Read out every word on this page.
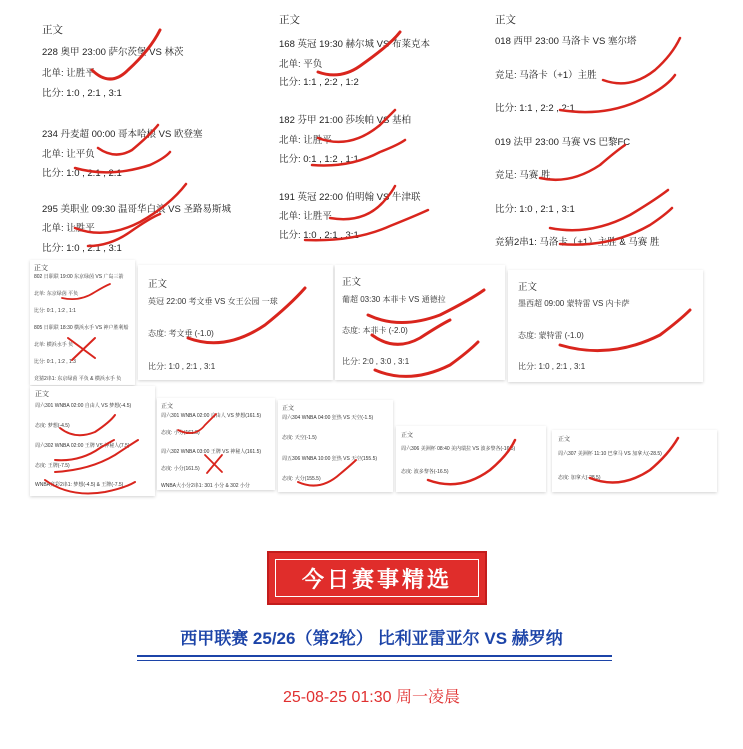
正文
228 奥甲 23:00 萨尔茨堡 VS 林茨
北单: 让胜平
比分: 1:0 , 2:1 , 3:1
234 丹麦超 00:00 哥本哈根 VS 欧登塞
北单: 让平负
比分: 1:0 , 2:1 , 2:1
295 美职业 09:30 温哥华白浪 VS 圣路易斯城
北单: 让胜平
比分: 1:0 , 2:1 , 3:1
正文
168 英冠 19:30 赫尔城 VS 布莱克本
北单: 平负
比分: 1:1 , 2:2 , 1:2
182 芬甲 21:00 莎埃帕 VS 基柏
北单: 让胜平
比分: 0:1 , 1:2 , 1:1
191 英冠 22:00 伯明翰 VS 牛津联
北单: 让胜平
比分: 1:0 , 2:1 , 3:1
正文
018 西甲 23:00 马洛卡 VS 塞尔塔
竞足: 马洛卡（+1）主胜
比分: 1:1 , 2:2 , 2:1
019 法甲 23:00 马赛 VS 巴黎FC
竞足: 马赛 胜
比分: 1:0 , 2:1 , 3:1
竞猜2串1: 马洛卡（+1）主胜 & 马赛 胜
正文
802 日职联 19:00 东京绿茵 VS 广岛三箭
北单: 东京绿茵 平负
比分: 0:1 , 1:2 , 1:1
805 日职联 18:30 横浜水手 VS 神户胜利船
北单: 横浜水手 负
比分: 0:1 , 1:2 , 1:3
竞猜2串1: 东京绿茵 平负 & 横浜水手 负
正文
英冠 22:00 考文垂 VS 女王公园 一球
态度: 考文垂 (-1.0)
比分: 1:0 , 2:1 , 3:1
正文
葡超 03:30 本菲卡 VS 通德拉
态度: 本菲卡 (-2.0)
比分: 2:0 , 3:0 , 3:1
正文
墨西超 09:00 蒙特雷 VS 内卡萨
态度: 蒙特雷 (-1.0)
比分: 1:0 , 2:1 , 3:1
正文
周六301 WNBA 02:00 自由人 VS 梦想(-4.5)
态度: 梦想(-4.5)
周六302 WNBA 02:00 王牌 VS 神秘人(7.5)
态度: 王牌(-7.5)
WNBA竞彩2串1: 梦想(-4.5) & 王牌(-7.5)
正文
周六301 WNBA 02:00 自由人 VS 梦想(161.5)
态度: 小分(161.5)
周六302 WNBA 03:00 王牌 VS 神秘人(161.5)
态度: 小分(161.5)
WNBA大小分2串1: 301 小分 & 302 小分
正文
周六304 WNBA 04:00 狂热 VS 天空(-1.5)
态度: 天空(-1.5)
周五306 WNBA 10:00 狂热 VS 天空(155.5)
态度: 大分(155.5)
正文
周六306 美洲杯 08:40 美内瑞拉 VS 波多黎各(-16.5)
态度: 波多黎各(-16.5)
正文
周六307 美洲杯 11:10 巴拿马 VS 加拿大(-28.5)
态度: 加拿大(-28.5)
今日赛事精选
西甲联赛 25/26（第2轮） 比利亚雷亚尔 VS 赫罗纳
25-08-25 01:30 周一凌晨
